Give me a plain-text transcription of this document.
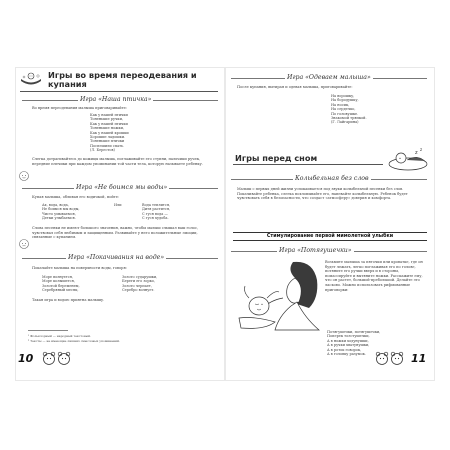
Игры во время переодевания и купания
Игра «Наша птичка»
Во время переодевания малыша приговаривайте:
Как у нашей птички
Тоненькие ручки,
Как у нашей птички
Тоненькие ножки,
Как у нашей крошки
Хорошие ладошки.
Тоненькие птички
Поспешили спать.
(Л. Берестов)
Слегка дотрагивайтесь до кожицы малыша, поглаживайте его ступни, пальчики ручек, передние плечики при каждом упоминании той части тела, которую называете ребенку.
Игра «Не боимся мы воды»
Купая малыша, обливая его водичкой, пойте:
Ах, вода, вода,
Не боимся мы воды,
Чисто умываемся,
Детки улыбаемся.
Или	Вода теплится,
Дитя растится,
С гуся вода —
С гуся худоба.
Слова песенки не имеют большого значения, важно, чтобы малыш слышал ваш голос, чувствовал себя любимым и защищенным. Развивайте у него положительные эмоции, связанные с купанием.
Игра «Покачивания на воде»
Покачайте малыша на поверхности воды, говоря:
Море волнуется,
Море колышется,
Золотой беременем,
Серебряный месяц.
Золото сударушки,
Береги его зорко,
Золото черпает,
Серебро волнует.
Такая игра и водою приятна малышу.
¹ Фольклорный — народный текстовый.
² Тексты — не имеющие лишних смысловых упоминаний.
10
Игра «Одеваем малыша»
После купания, вытирая и одевая малыша, приговаривайте:
На ворошку,
На бородушку,
На носик,
На сердечко,
По головушке.
Знакомой тряпкой.
(Г. Лайгарина)
Игры перед сном	z
z
Колыбельная без слов
Малыш с первых дней жизни успокаивается под звуки колыбельной песенки без слов. Покачивайте ребенка, слегка похлопывайте его, напевайте колыбельную. Ребенок будет чувствовать себя в безопасности, что создаст «атмосферу» доверия и комфорта.
Стимулирование первой мимолетной улыбки
Игра «Потягушечки»
Возьмите малыша за пяточки или кроватке, где он будет лежать, легко поглаживая его по голове, потяните его ручки вверх и в стороны, помассируйте и вытяните ножки. Расскажите ему, что он растет, большой-пребольшой. Делайте это ласково. Можно использовать рифмованные приговорки:
Потягушечки, потягушечки,
Поперек толстушечки,
А в ножки ходунушки,
А в ручки хватунушки,
А в роток говорок,
А в головку разумок.	11
